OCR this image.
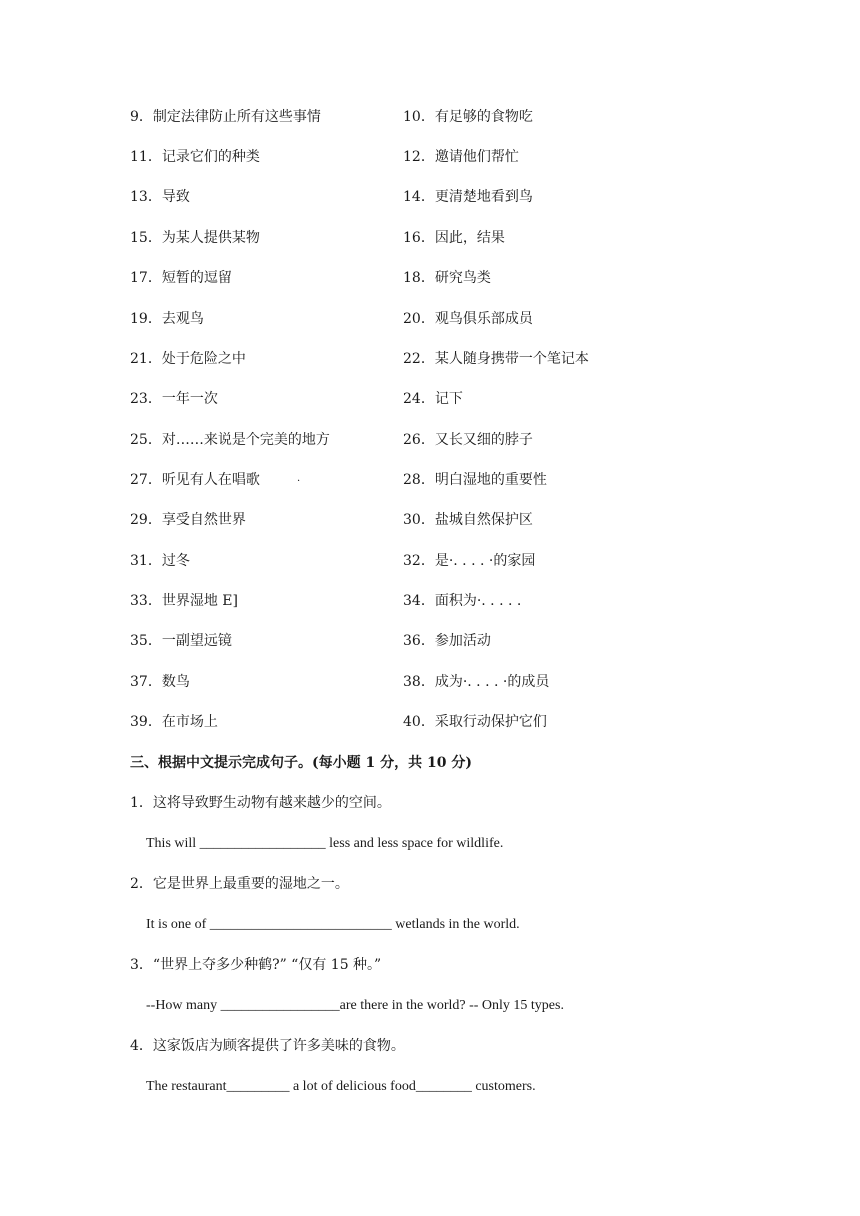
9．制定法律防止所有这些事情	10．有足够的食物吃
11．记录它们的种类	12．邀请他们帮忙
13．导致	14．更清楚地看到鸟
15．为某人提供某物	16．因此，结果
17．短暂的逗留	18．研究鸟类
19．去观鸟	20．观鸟俱乐部成员
21．处于危险之中	22．某人随身携带一个笔记本
23．一年一次	24．记下
25．对……来说是个完美的地方	26．又长又细的脖子
27．听见有人在唱歌	28．明白湿地的重要性
29．享受自然世界	30．盐城自然保护区
31．过冬	32．是·. . . . ·的家园
33．世界湿地 E]	34．面积为·. . . . .
35．一副望远镜	36．参加活动
37．数鸟	38．成为·. . . . ·的成员
39．在市场上	40．采取行动保护它们
·
三、根据中文提示完成句子。(每小题 1 分，共 10 分)
1．这将导致野生动物有越来越少的空间。
This will __________________ less and less space for wildlife.
2．它是世界上最重要的湿地之一。
It is one of __________________________ wetlands in the world.
3．“世界上夺多少种鹤?” “仅有 15 种。”
--How many _________________are there in the world? -- Only 15 types.
4．这家饭店为顾客提供了许多美味的食物。
The restaurant_________ a lot of delicious food________ customers.
